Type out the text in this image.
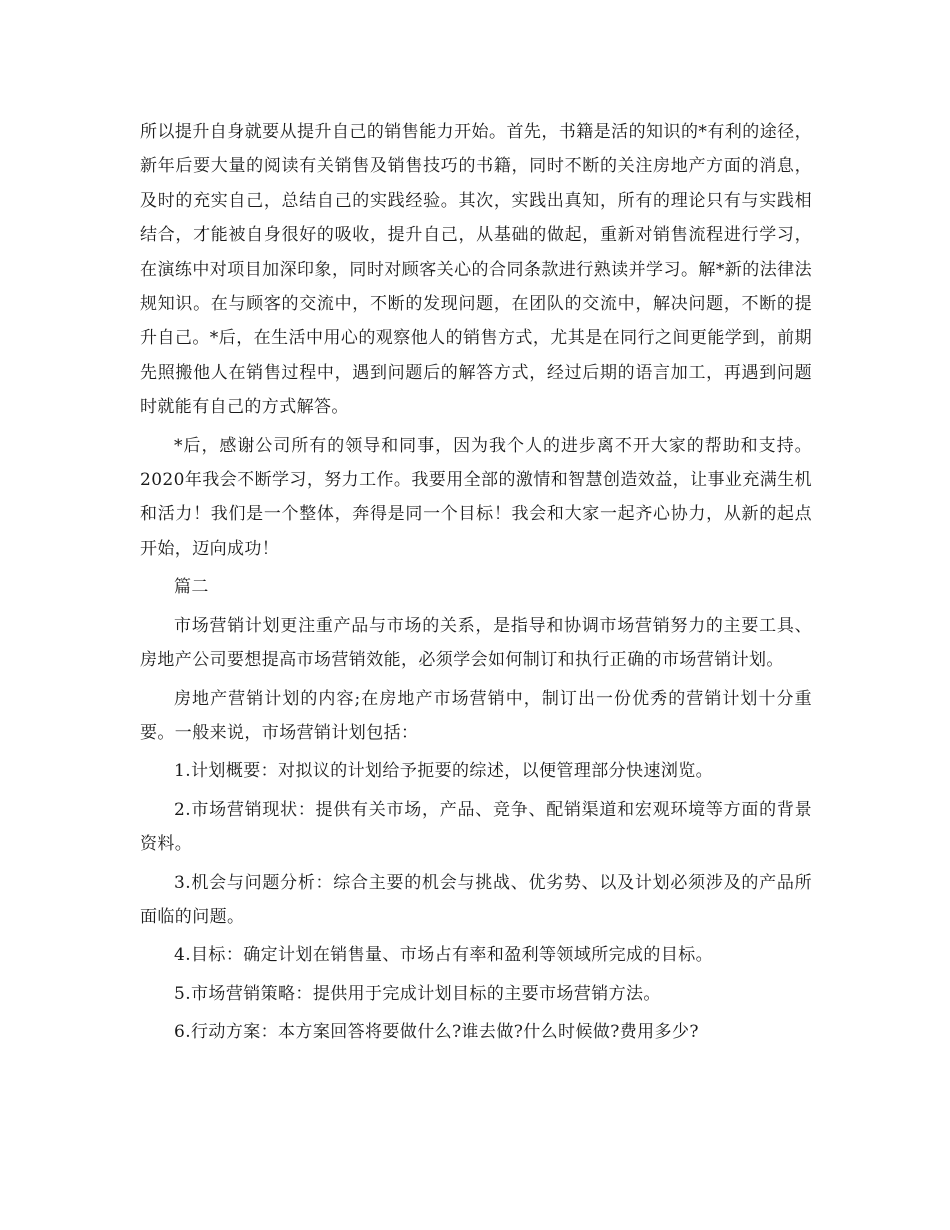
所以提升自身就要从提升自己的销售能力开始。首先，书籍是活的知识的*有利的途径，新年后要大量的阅读有关销售及销售技巧的书籍，同时不断的关注房地产方面的消息，及时的充实自己，总结自己的实践经验。其次，实践出真知，所有的理论只有与实践相结合，才能被自身很好的吸收，提升自己，从基础的做起，重新对销售流程进行学习，在演练中对项目加深印象，同时对顾客关心的合同条款进行熟读并学习。解*新的法律法规知识。在与顾客的交流中，不断的发现问题，在团队的交流中，解决问题，不断的提升自己。*后，在生活中用心的观察他人的销售方式，尤其是在同行之间更能学到，前期先照搬他人在销售过程中，遇到问题后的解答方式，经过后期的语言加工，再遇到问题时就能有自己的方式解答。

*后，感谢公司所有的领导和同事，因为我个人的进步离不开大家的帮助和支持。2020年我会不断学习，努力工作。我要用全部的激情和智慧创造效益，让事业充满生机和活力！我们是一个整体，奔得是同一个目标！我会和大家一起齐心协力，从新的起点开始，迈向成功！

篇二

市场营销计划更注重产品与市场的关系，是指导和协调市场营销努力的主要工具、房地产公司要想提高市场营销效能，必须学会如何制订和执行正确的市场营销计划。

房地产营销计划的内容;在房地产市场营销中，制订出一份优秀的营销计划十分重要。一般来说，市场营销计划包括：

1.计划概要：对拟议的计划给予扼要的综述，以便管理部分快速浏览。

2.市场营销现状：提供有关市场，产品、竞争、配销渠道和宏观环境等方面的背景资料。

3.机会与问题分析：综合主要的机会与挑战、优劣势、以及计划必须涉及的产品所面临的问题。

4.目标：确定计划在销售量、市场占有率和盈利等领域所完成的目标。

5.市场营销策略：提供用于完成计划目标的主要市场营销方法。

6.行动方案：本方案回答将要做什么?谁去做?什么时候做?费用多少?
